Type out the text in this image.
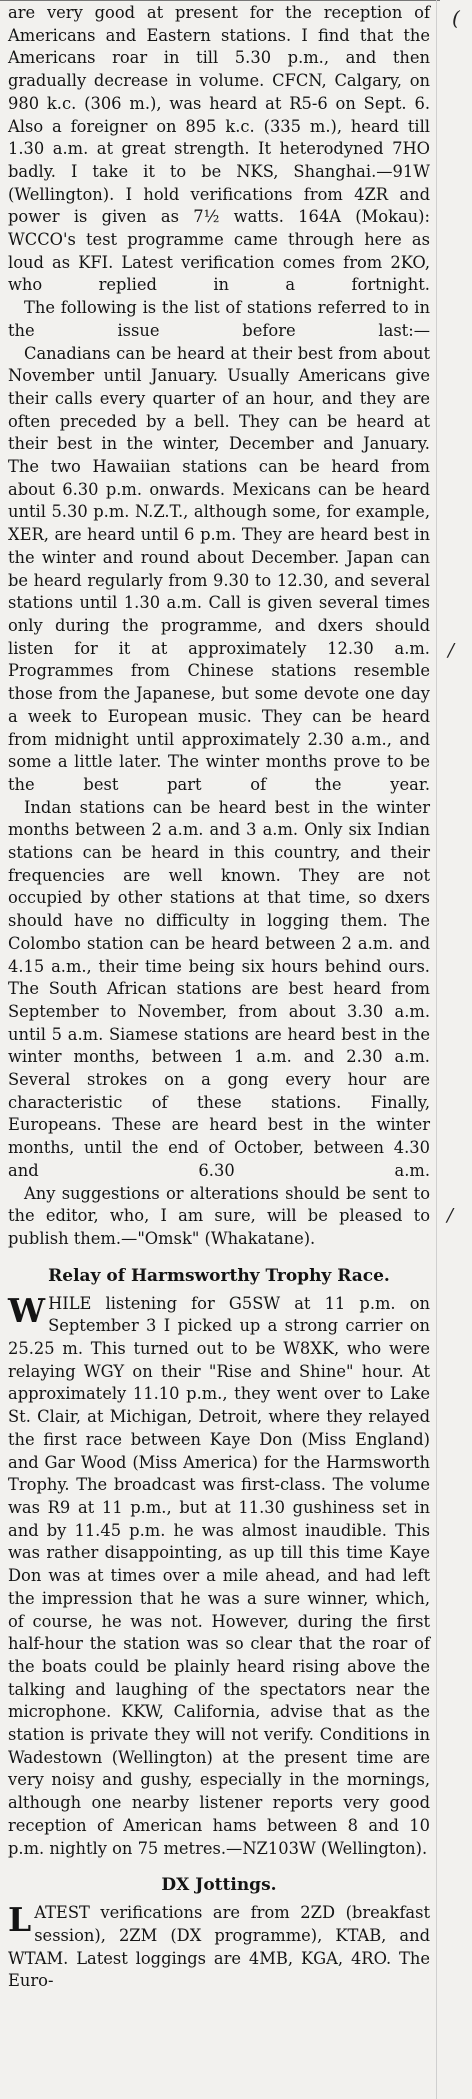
(
/
/

are very good at present for the reception of Americans and Eastern stations. I find that the Americans roar in till 5.30 p.m., and then gradually decrease in volume. CFCN, Calgary, on 980 k.c. (306 m.), was heard at R5-6 on Sept. 6. Also a foreigner on 895 k.c. (335 m.), heard till 1.30 a.m. at great strength. It heterodyned 7HO badly. I take it to be NKS, Shanghai.—91W (Wellington). I hold verifications from 4ZR and power is given as 7½ watts. 164A (Mokau): WCCO's test programme came through here as loud as KFI. Latest verification comes from 2KO, who replied in a fortnight.

The following is the list of stations referred to in the issue before last:—

Canadians can be heard at their best from about November until January. Usually Americans give their calls every quarter of an hour, and they are often preceded by a bell. They can be heard at their best in the winter, December and January. The two Hawaiian stations can be heard from about 6.30 p.m. onwards. Mexicans can be heard until 5.30 p.m. N.Z.T., although some, for example, XER, are heard until 6 p.m. They are heard best in the winter and round about December. Japan can be heard regularly from 9.30 to 12.30, and several stations until 1.30 a.m. Call is given several times only during the programme, and dxers should listen for it at approximately 12.30 a.m. Programmes from Chinese stations resemble those from the Japanese, but some devote one day a week to European music. They can be heard from midnight until approximately 2.30 a.m., and some a little later. The winter months prove to be the best part of the year.

Indan stations can be heard best in the winter months between 2 a.m. and 3 a.m. Only six Indian stations can be heard in this country, and their frequencies are well known. They are not occupied by other stations at that time, so dxers should have no difficulty in logging them. The Colombo station can be heard between 2 a.m. and 4.15 a.m., their time being six hours behind ours. The South African stations are best heard from September to November, from about 3.30 a.m. until 5 a.m. Siamese stations are heard best in the winter months, between 1 a.m. and 2.30 a.m. Several strokes on a gong every hour are characteristic of these stations. Finally, Europeans. These are heard best in the winter months, until the end of October, between 4.30 and 6.30 a.m.

Any suggestions or alterations should be sent to the editor, who, I am sure, will be pleased to publish them.—"Omsk" (Whakatane).

Relay of Harmsworthy Trophy Race.

WHILE listening for G5SW at 11 p.m. on September 3 I picked up a strong carrier on 25.25 m. This turned out to be W8XK, who were relaying WGY on their "Rise and Shine" hour. At approximately 11.10 p.m., they went over to Lake St. Clair, at Michigan, Detroit, where they relayed the first race between Kaye Don (Miss England) and Gar Wood (Miss America) for the Harmsworth Trophy. The broadcast was first-class. The volume was R9 at 11 p.m., but at 11.30 gushiness set in and by 11.45 p.m. he was almost inaudible. This was rather disappointing, as up till this time Kaye Don was at times over a mile ahead, and had left the impression that he was a sure winner, which, of course, he was not. However, during the first half-hour the station was so clear that the roar of the boats could be plainly heard rising above the talking and laughing of the spectators near the microphone. KKW, California, advise that as the station is private they will not verify. Conditions in Wadestown (Wellington) at the present time are very noisy and gushy, especially in the mornings, although one nearby listener reports very good reception of American hams between 8 and 10 p.m. nightly on 75 metres.—NZ103W (Wellington).

DX Jottings.

LATEST verifications are from 2ZD (breakfast session), 2ZM (DX programme), KTAB, and WTAM. Latest loggings are 4MB, KGA, 4RO. The Euro-
